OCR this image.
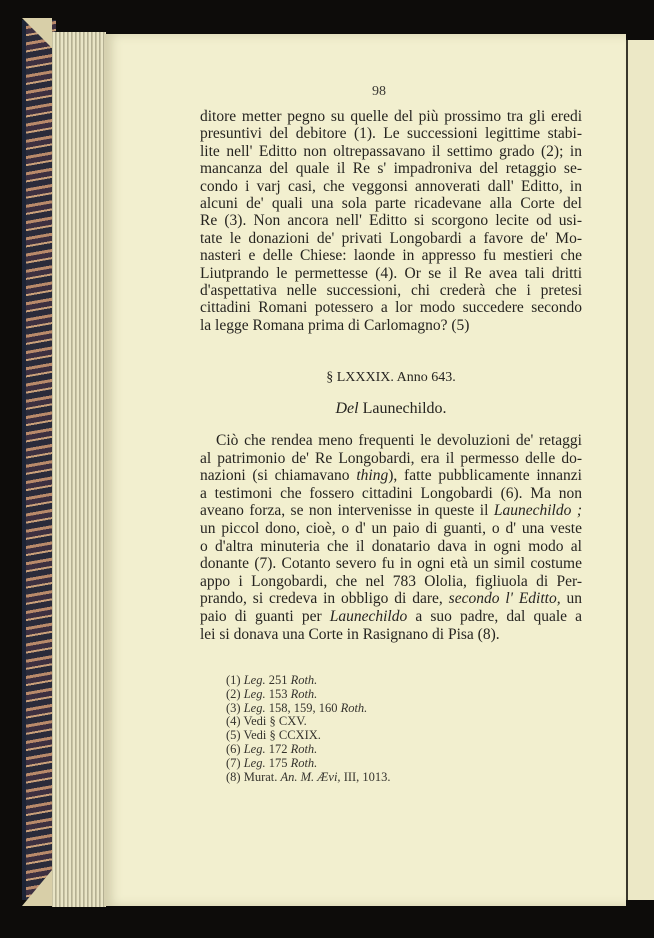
98
ditore metter pegno su quelle del più prossimo tra gli eredi
presuntivi del debitore (1). Le successioni legittime stabi-
lite nell' Editto non oltrepassavano il settimo grado (2); in
mancanza del quale il Re s' impadroniva del retaggio se-
condo i varj casi, che veggonsi annoverati dall' Editto, in
alcuni de' quali una sola parte ricadevane alla Corte del
Re (3). Non ancora nell' Editto si scorgono lecite od usi-
tate le donazioni de' privati Longobardi a favore de' Mo-
nasteri e delle Chiese: laonde in appresso fu mestieri che
Liutprando le permettesse (4). Or se il Re avea tali dritti
d'aspettativa nelle successioni, chi crederà che i pretesi
cittadini Romani potessero a lor modo succedere secondo
la legge Romana prima di Carlomagno? (5)
§ LXXXIX. Anno 643.
Del Launechildo.
Ciò che rendea meno frequenti le devoluzioni de' retaggi
al patrimonio de' Re Longobardi, era il permesso delle do-
nazioni (si chiamavano thing), fatte pubblicamente innanzi
a testimoni che fossero cittadini Longobardi (6). Ma non
aveano forza, se non intervenisse in queste il Launechildo ;
un piccol dono, cioè, o d' un paio di guanti, o d' una veste
o d'altra minuteria che il donatario dava in ogni modo al
donante (7). Cotanto severo fu in ogni età un simil costume
appo i Longobardi, che nel 783 Ololia, figliuola di Per-
prando, si credeva in obbligo di dare, secondo l' Editto, un
paio di guanti per Launechildo a suo padre, dal quale a
lei si donava una Corte in Rasignano di Pisa (8).
(1) Leg. 251 Roth.
(2) Leg. 153 Roth.
(3) Leg. 158, 159, 160 Roth.
(4) Vedi § CXV.
(5) Vedi § CCXIX.
(6) Leg. 172 Roth.
(7) Leg. 175 Roth.
(8) Murat. An. M. Ævi, III, 1013.
